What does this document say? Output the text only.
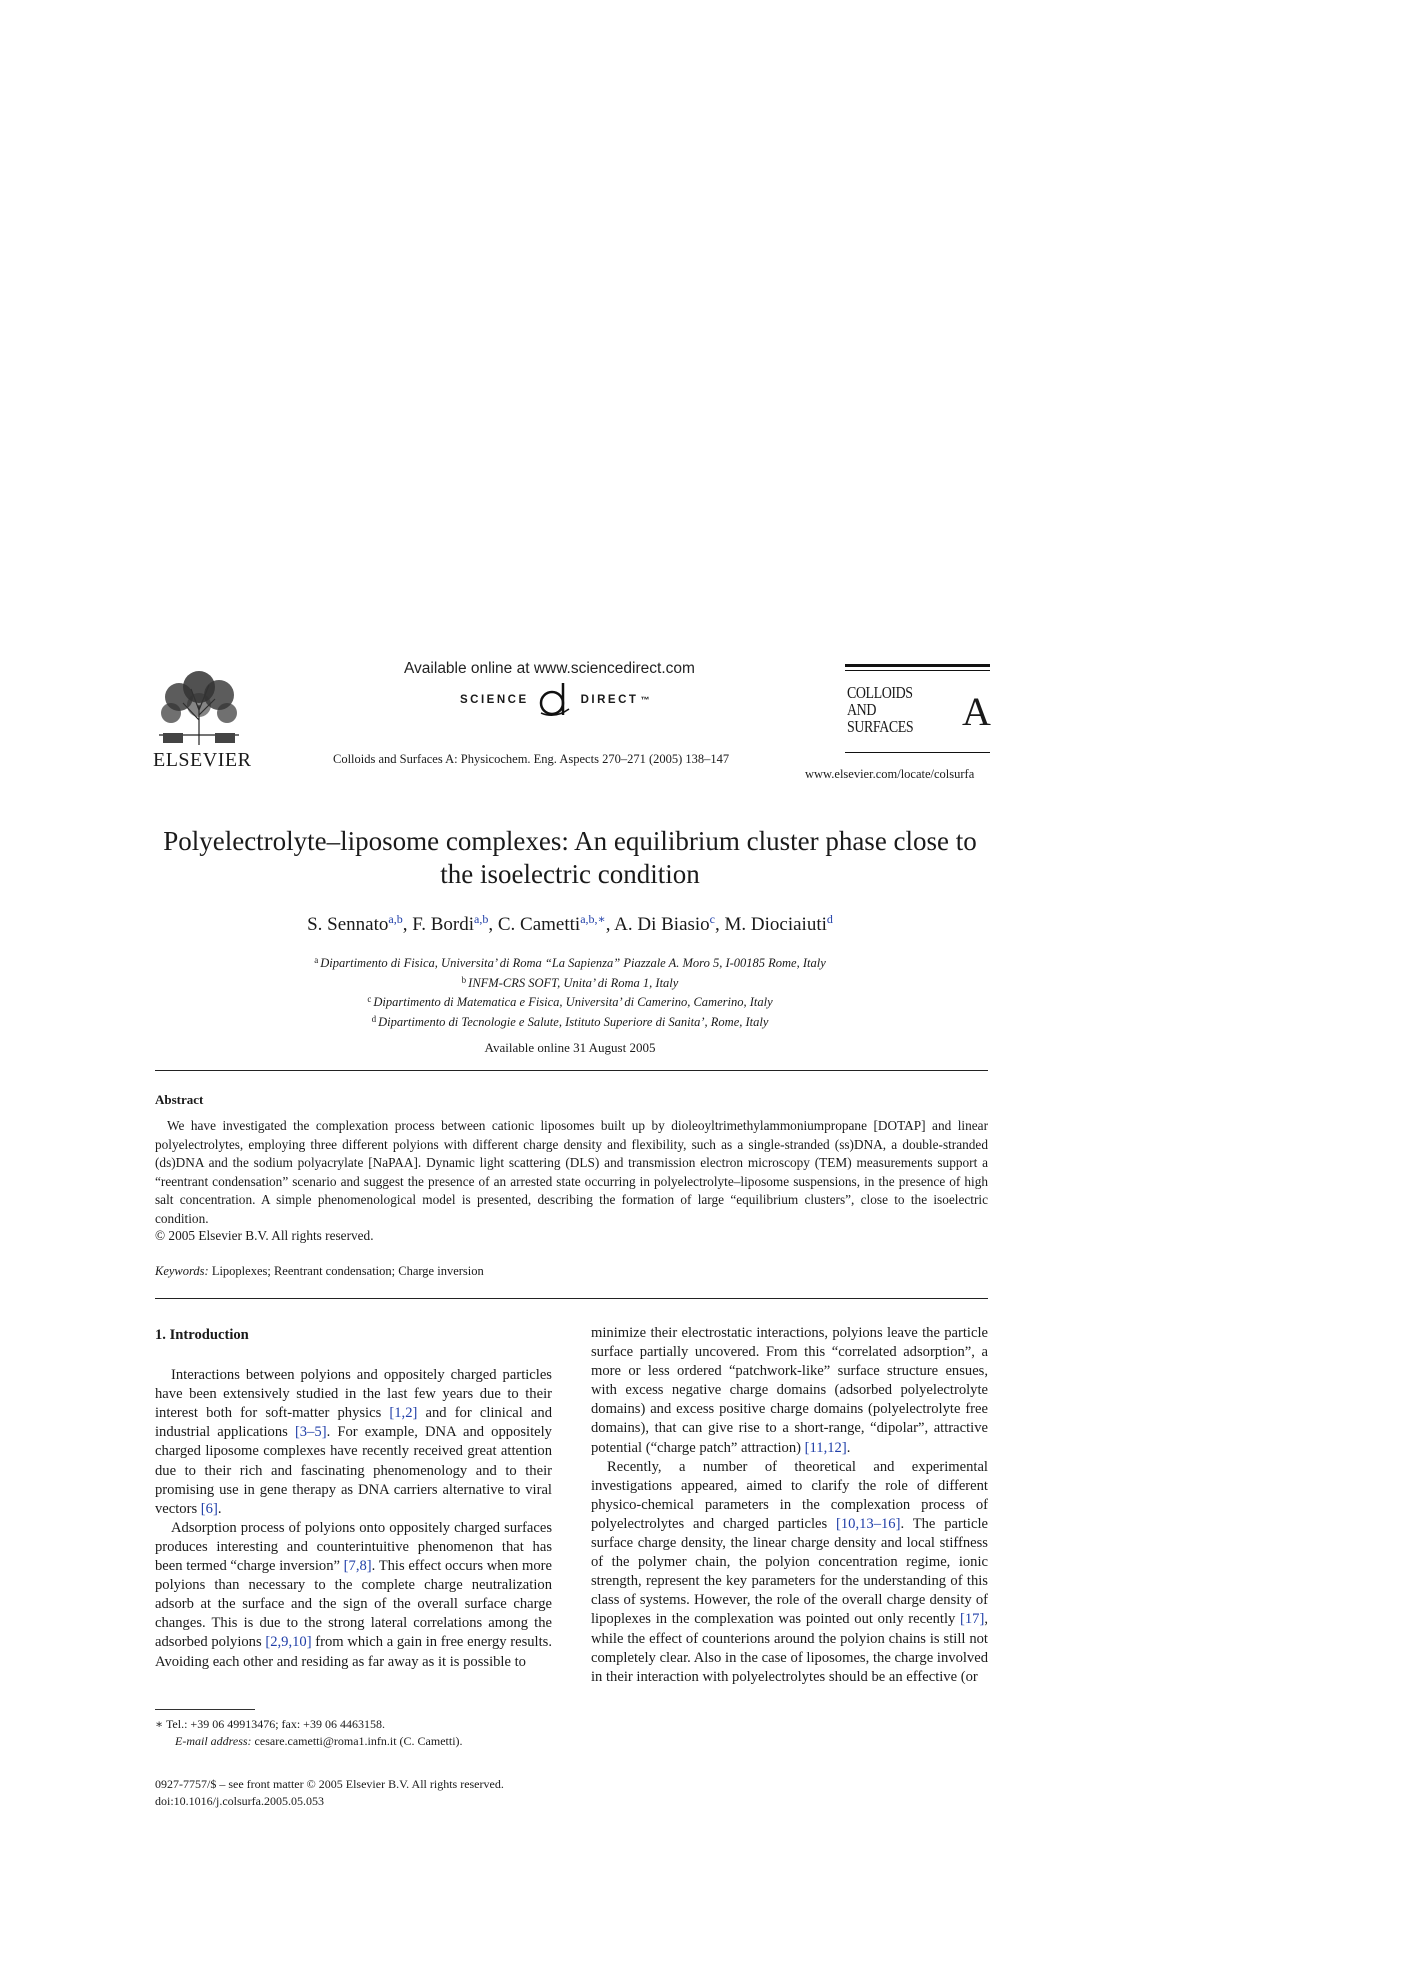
ELSEVIER
Available online at www.sciencedirect.com
SCIENCE	DIRECT ™
Colloids and Surfaces A: Physicochem. Eng. Aspects 270–271 (2005) 138–147
COLLOIDS
AND
SURFACES A
www.elsevier.com/locate/colsurfa
Polyelectrolyte–liposome complexes: An equilibrium cluster phase close to the isoelectric condition
S. Sennato$^{a,b}$, F. Bordi$^{a,b}$, C. Cametti$^{a,b,∗}$, A. Di Biasio$^c$, M. Diociaiuti$^d$
$^a$ Dipartimento di Fisica, Universita’ di Roma “La Sapienza” Piazzale A. Moro 5, I-00185 Rome, Italy
$^b$ INFM-CRS SOFT, Unita’ di Roma 1, Italy
$^c$ Dipartimento di Matematica e Fisica, Universita’ di Camerino, Camerino, Italy
$^d$ Dipartimento di Tecnologie e Salute, Istituto Superiore di Sanita’, Rome, Italy
Available online 31 August 2005
Abstract
We have investigated the complexation process between cationic liposomes built up by dioleoyltrimethylammoniumpropane [DOTAP] and linear polyelectrolytes, employing three different polyions with different charge density and flexibility, such as a single-stranded (ss)DNA, a double-stranded (ds)DNA and the sodium polyacrylate [NaPAA]. Dynamic light scattering (DLS) and transmission electron microscopy (TEM) measurements support a “reentrant condensation” scenario and suggest the presence of an arrested state occurring in polyelectrolyte–liposome suspensions, in the presence of high salt concentration. A simple phenomenological model is presented, describing the formation of large “equilibrium clusters”, close to the isoelectric condition.
© 2005 Elsevier B.V. All rights reserved.
Keywords: Lipoplexes; Reentrant condensation; Charge inversion
1. Introduction

Interactions between polyions and oppositely charged particles have been extensively studied in the last few years due to their interest both for soft-matter physics [1,2] and for clinical and industrial applications [3–5]. For example, DNA and oppositely charged liposome complexes have recently received great attention due to their rich and fascinating phenomenology and to their promising use in gene therapy as DNA carriers alternative to viral vectors [6].

Adsorption process of polyions onto oppositely charged surfaces produces interesting and counterintuitive phenomenon that has been termed “charge inversion” [7,8]. This effect occurs when more polyions than necessary to the complete charge neutralization adsorb at the surface and the sign of the overall surface charge changes. This is due to the strong lateral correlations among the adsorbed polyions [2,9,10] from which a gain in free energy results. Avoiding each other and residing as far away as it is possible to

minimize their electrostatic interactions, polyions leave the particle surface partially uncovered. From this “correlated adsorption”, a more or less ordered “patchwork-like” surface structure ensues, with excess negative charge domains (adsorbed polyelectrolyte domains) and excess positive charge domains (polyelectrolyte free domains), that can give rise to a short-range, “dipolar”, attractive potential (“charge patch” attraction) [11,12].

Recently, a number of theoretical and experimental investigations appeared, aimed to clarify the role of different physico-chemical parameters in the complexation process of polyelectrolytes and charged particles [10,13–16]. The particle surface charge density, the linear charge density and local stiffness of the polymer chain, the polyion concentration regime, ionic strength, represent the key parameters for the understanding of this class of systems. However, the role of the overall charge density of lipoplexes in the complexation was pointed out only recently [17], while the effect of counterions around the polyion chains is still not completely clear. Also in the case of liposomes, the charge involved in their interaction with polyelectrolytes should be an effective (or

∗ Tel.: +39 06 49913476; fax: +39 06 4463158.
E-mail address: cesare.cametti@roma1.infn.it (C. Cametti).
0927-7757/$ – see front matter © 2005 Elsevier B.V. All rights reserved.
doi:10.1016/j.colsurfa.2005.05.053
